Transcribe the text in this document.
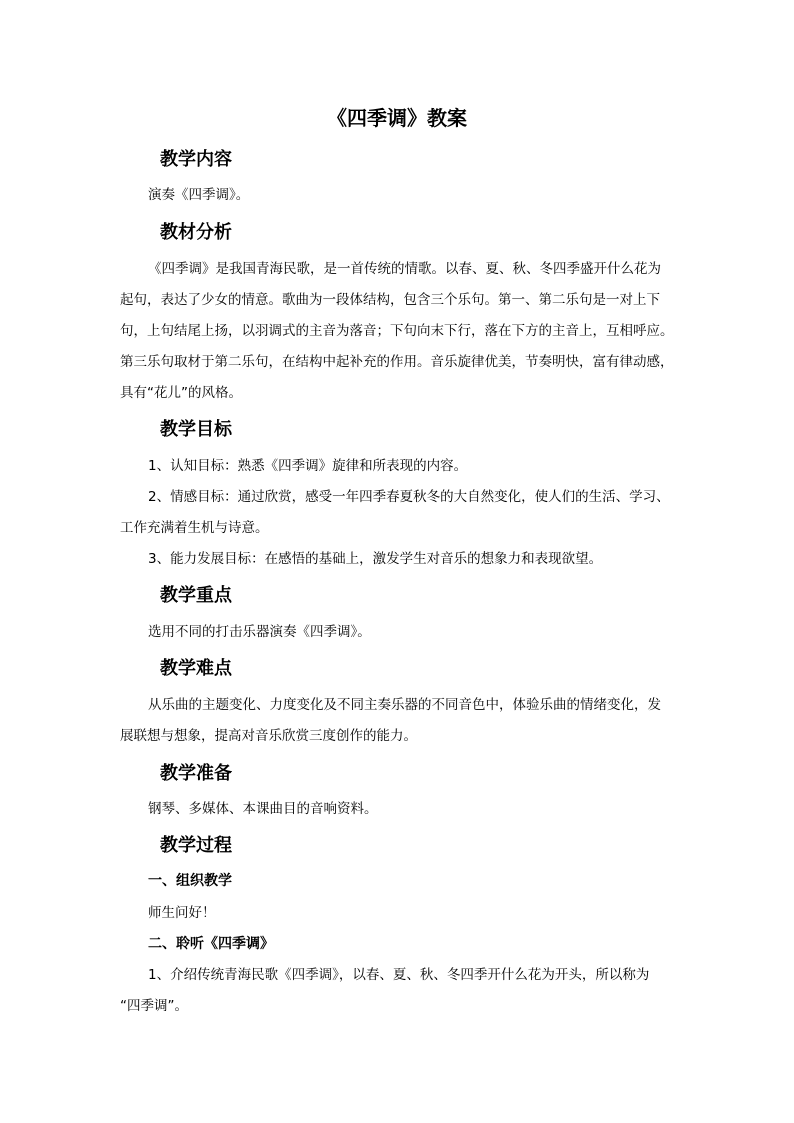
《四季调》教案
教学内容
演奏《四季调》。
教材分析
《四季调》是我国青海民歌，是一首传统的情歌。以春、夏、秋、冬四季盛开什么花为
起句，表达了少女的情意。歌曲为一段体结构，包含三个乐句。第一、第二乐句是一对上下
句，上句结尾上扬，以羽调式的主音为落音；下句向末下行，落在下方的主音上，互相呼应。
第三乐句取材于第二乐句，在结构中起补充的作用。音乐旋律优美，节奏明快，富有律动感，
具有“花儿”的风格。
教学目标
1、认知目标：熟悉《四季调》旋律和所表现的内容。
2、情感目标：通过欣赏，感受一年四季春夏秋冬的大自然变化，使人们的生活、学习、
工作充满着生机与诗意。
3、能力发展目标：在感悟的基础上，激发学生对音乐的想象力和表现欲望。
教学重点
选用不同的打击乐器演奏《四季调》。
教学难点
从乐曲的主题变化、力度变化及不同主奏乐器的不同音色中，体验乐曲的情绪变化，发
展联想与想象，提高对音乐欣赏三度创作的能力。
教学准备
钢琴、多媒体、本课曲目的音响资料。
教学过程
一、组织教学
师生问好！
二、聆听《四季调》
1、介绍传统青海民歌《四季调》，以春、夏、秋、冬四季开什么花为开头，所以称为
“四季调”。
